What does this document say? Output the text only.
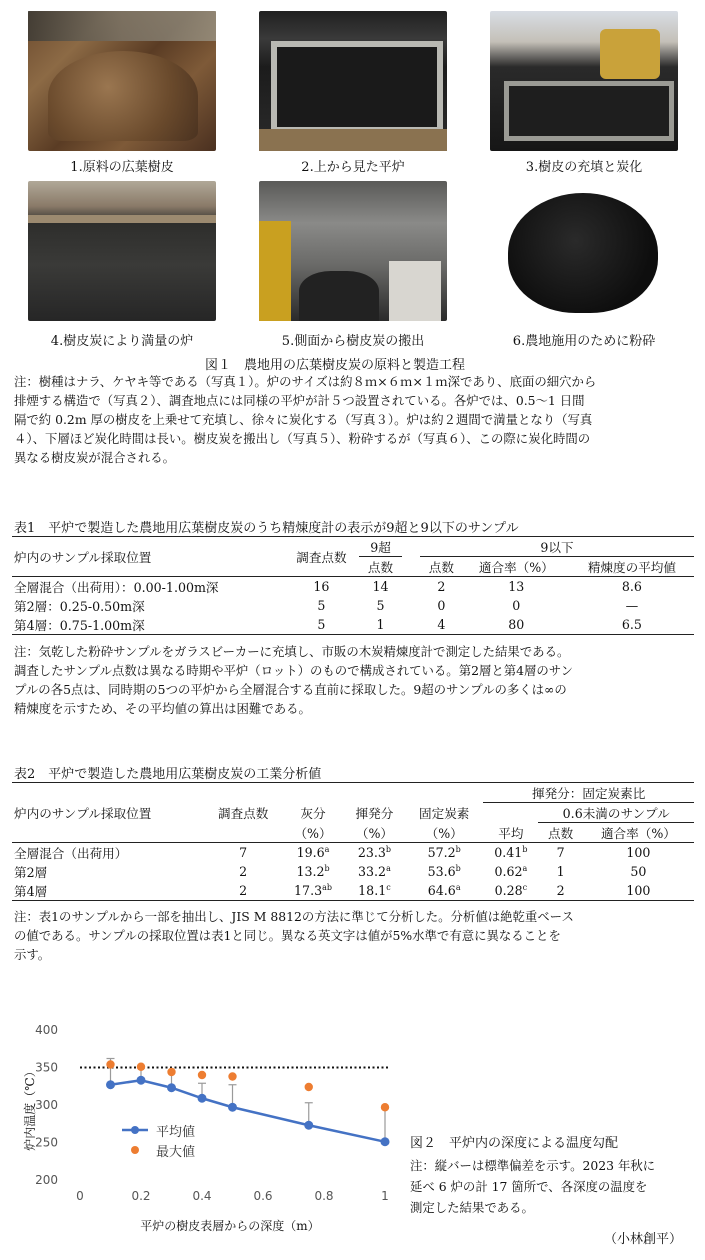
1.原料の広葉樹皮	2.上から見た平炉	3.樹皮の充填と炭化
4.樹皮炭により満量の炉	5.側面から樹皮炭の搬出	6.農地施用のために粉砕
図１　農地用の広葉樹皮炭の原料と製造工程
注：樹種はナラ、ケヤキ等である（写真１）。炉のサイズは約８ｍ×６ｍ×１ｍ深であり、底面の細穴から
排煙する構造で（写真２）、調査地点には同様の平炉が計５つ設置されている。各炉では、0.5～1 日間
隔で約 0.2m 厚の樹皮を上乗せて充填し、徐々に炭化する（写真３）。炉は約２週間で満量となり（写真
４）、下層ほど炭化時間は長い。樹皮炭を搬出し（写真５）、粉砕するが（写真６）、この際に炭化時間の
異なる樹皮炭が混合される。
表1　平炉で製造した農地用広葉樹皮炭のうち精煉度計の表示が9超と9以下のサンプル
炉内のサンプル採取位置	調査点数	9超		9以下		
		点数		点数	適合率（%）	精煉度の平均値
全層混合（出荷用）：0.00-1.00m深	16	14		2	13	8.6
第2層：0.25-0.50m深	5	5		0	0	—
第4層：0.75-1.00m深	5	1		4	80	6.5
注：気乾した粉砕サンプルをガラスビーカーに充填し、市販の木炭精煉度計で測定した結果である。
調査したサンプル点数は異なる時期や平炉（ロット）のもので構成されている。第2層と第4層のサン
プルの各5点は、同時期の5つの平炉から全層混合する直前に採取した。9超のサンプルの多くは∞の
精煉度を示すため、その平均値の算出は困難である。
表2　平炉で製造した農地用広葉樹皮炭の工業分析値
					揮発分：固定炭素比		
炉内のサンプル採取位置	調査点数	灰分	揮発分	固定炭素		0.6未満のサンプル	
		（%）	（%）	（%）	平均	点数	適合率（%）
全層混合（出荷用）	7	19.6$^a$	23.3$^b$	57.2$^b$	0.41$^b$	7	100
第2層	2	13.2$^b$	33.2$^a$	53.6$^b$	0.62$^a$	1	50
第4層	2	17.3$^{ab}$	18.1$^c$	64.6$^a$	0.28$^c$	2	100
注：表1のサンプルから一部を抽出し、JIS M 8812の方法に準じて分析した。分析値は絶乾重ベース
の値である。サンプルの採取位置は表1と同じ。異なる英文字は値が5%水準で有意に異なることを
示す。
200
250
300
350
400
0	0.2	0.4	0.6	0.8	1
平炉の樹皮表層からの深度（m）
炉内温度（℃）	平均値
最大値
図２　平炉内の深度による温度勾配
注：縦バーは標準偏差を示す。2023 年秋に
延べ 6 炉の計 17 箇所で、各深度の温度を
測定した結果である。
（小林創平）
